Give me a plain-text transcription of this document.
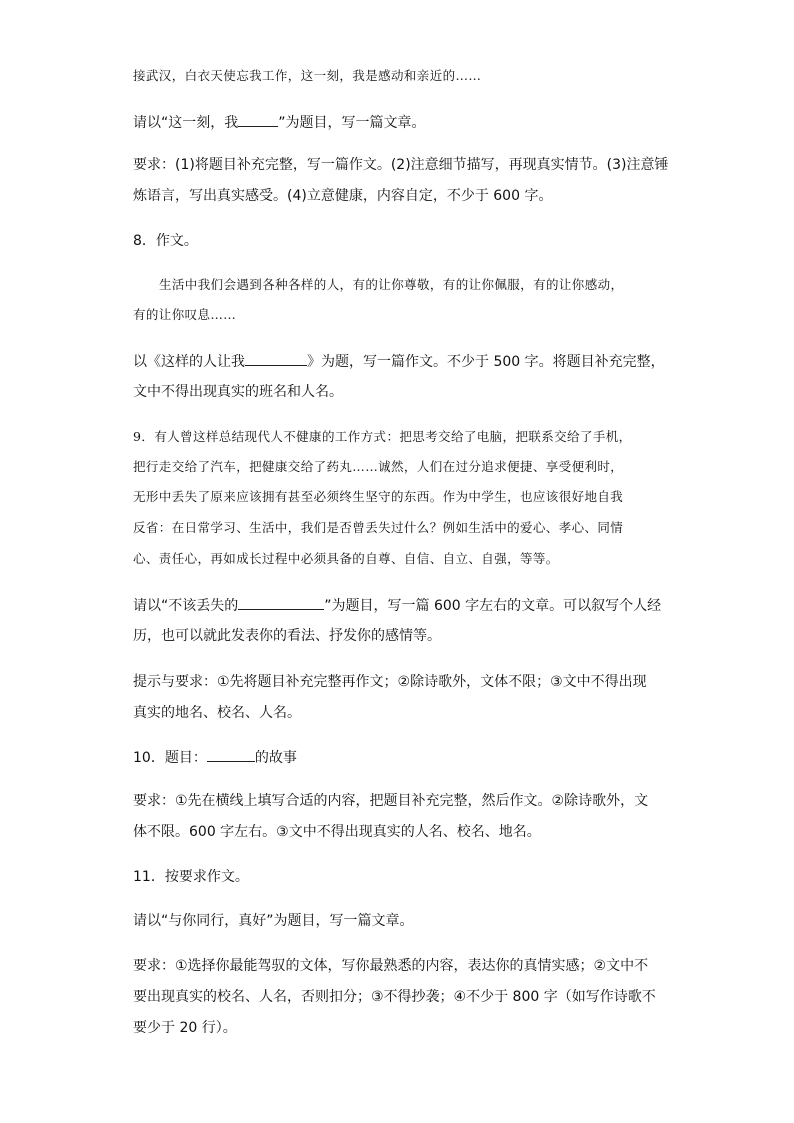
接武汉，白衣天使忘我工作，这一刻，我是感动和亲近的……
请以“这一刻，我	”为题目，写一篇文章。
要求：(1)将题目补充完整，写一篇作文。(2)注意细节描写，再现真实情节。(3)注意锤
炼语言，写出真实感受。(4)立意健康，内容自定，不少于 600 字。
8．作文。
生活中我们会遇到各种各样的人，有的让你尊敬，有的让你佩服，有的让你感动，
有的让你叹息……
以《这样的人让我	》为题，写一篇作文。不少于 500 字。将题目补充完整，
文中不得出现真实的班名和人名。
9．有人曾这样总结现代人不健康的工作方式：把思考交给了电脑，把联系交给了手机，
把行走交给了汽车，把健康交给了药丸……诚然，人们在过分追求便捷、享受便利时，
无形中丢失了原来应该拥有甚至必须终生坚守的东西。作为中学生，也应该很好地自我
反省：在日常学习、生活中，我们是否曾丢失过什么？例如生活中的爱心、孝心、同情
心、责任心，再如成长过程中必须具备的自尊、自信、自立、自强，等等。
请以“不该丢失的	”为题目，写一篇 600 字左右的文章。可以叙写个人经
历，也可以就此发表你的看法、抒发你的感情等。
提示与要求：①先将题目补充完整再作文；②除诗歌外，文体不限；③文中不得出现
真实的地名、校名、人名。
10．题目：	的故事
要求：①先在横线上填写合适的内容，把题目补充完整，然后作文。②除诗歌外，文
体不限。600 字左右。③文中不得出现真实的人名、校名、地名。
11．按要求作文。
请以“与你同行，真好”为题目，写一篇文章。
要求：①选择你最能驾驭的文体，写你最熟悉的内容，表达你的真情实感；②文中不
要出现真实的校名、人名，否则扣分；③不得抄袭；④不少于 800 字（如写作诗歌不
要少于 20 行）。
